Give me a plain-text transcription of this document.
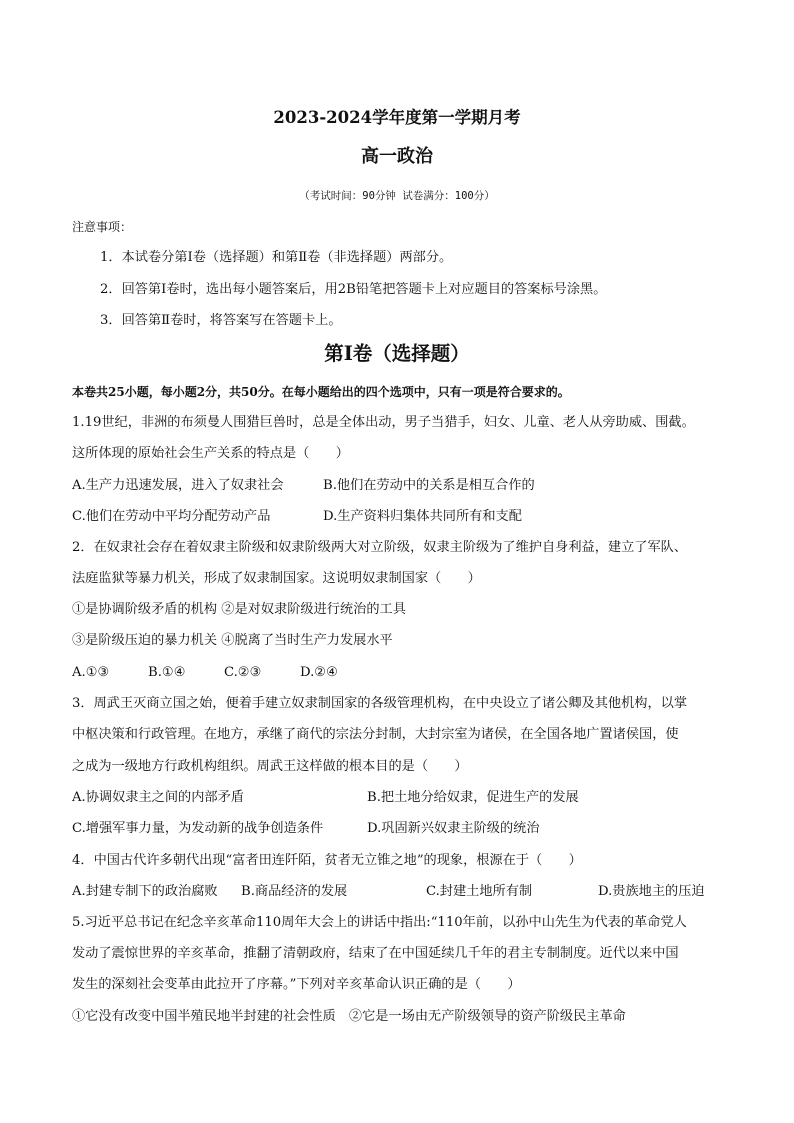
2023-2024学年度第一学期月考
高一政治
（考试时间：90分钟 试卷满分：100分）
注意事项：
1．本试卷分第Ⅰ卷（选择题）和第Ⅱ卷（非选择题）两部分。
2．回答第Ⅰ卷时，选出每小题答案后，用2B铅笔把答题卡上对应题目的答案标号涂黑。
3．回答第Ⅱ卷时，将答案写在答题卡上。
第Ⅰ卷（选择题）
本卷共25小题，每小题2分，共50分。在每小题给出的四个选项中，只有一项是符合要求的。
1.19世纪，非洲的布须曼人围猎巨兽时，总是全体出动，男子当猎手，妇女、儿童、老人从旁助威、围截。
这所体现的原始社会生产关系的特点是（　　）
A.生产力迅速发展，进入了奴隶社会	B.他们在劳动中的关系是相互合作的
C.他们在劳动中平均分配劳动产品	D.生产资料归集体共同所有和支配
2．在奴隶社会存在着奴隶主阶级和奴隶阶级两大对立阶级，奴隶主阶级为了维护自身利益，建立了军队、
法庭监狱等暴力机关，形成了奴隶制国家。这说明奴隶制国家（　　）
①是协调阶级矛盾的机构 ②是对奴隶阶级进行统治的工具
③是阶级压迫的暴力机关 ④脱离了当时生产力发展水平
A.①③	B.①④	C.②③	D.②④
3．周武王灭商立国之始，便着手建立奴隶制国家的各级管理机构，在中央设立了诸公卿及其他机构，以掌
中枢决策和行政管理。在地方，承继了商代的宗法分封制，大封宗室为诸侯，在全国各地广置诸侯国，使
之成为一级地方行政机构组织。周武王这样做的根本目的是（　　）
A.协调奴隶主之间的内部矛盾	B.把土地分给奴隶，促进生产的发展
C.增强军事力量，为发动新的战争创造条件	D.巩固新兴奴隶主阶级的统治
4．中国古代许多朝代出现“富者田连阡陌，贫者无立锥之地”的现象，根源在于（　　）
A.封建专制下的政治腐败 B.商品经济的发展	C.封建土地所有制	D.贵族地主的压迫
5.习近平总书记在纪念辛亥革命110周年大会上的讲话中指出:“110年前，以孙中山先生为代表的革命党人
发动了震惊世界的辛亥革命，推翻了清朝政府，结束了在中国延续几千年的君主专制制度。近代以来中国
发生的深刻社会变革由此拉开了序幕。”下列对辛亥革命认识正确的是（　　）
①它没有改变中国半殖民地半封建的社会性质　②它是一场由无产阶级领导的资产阶级民主革命
